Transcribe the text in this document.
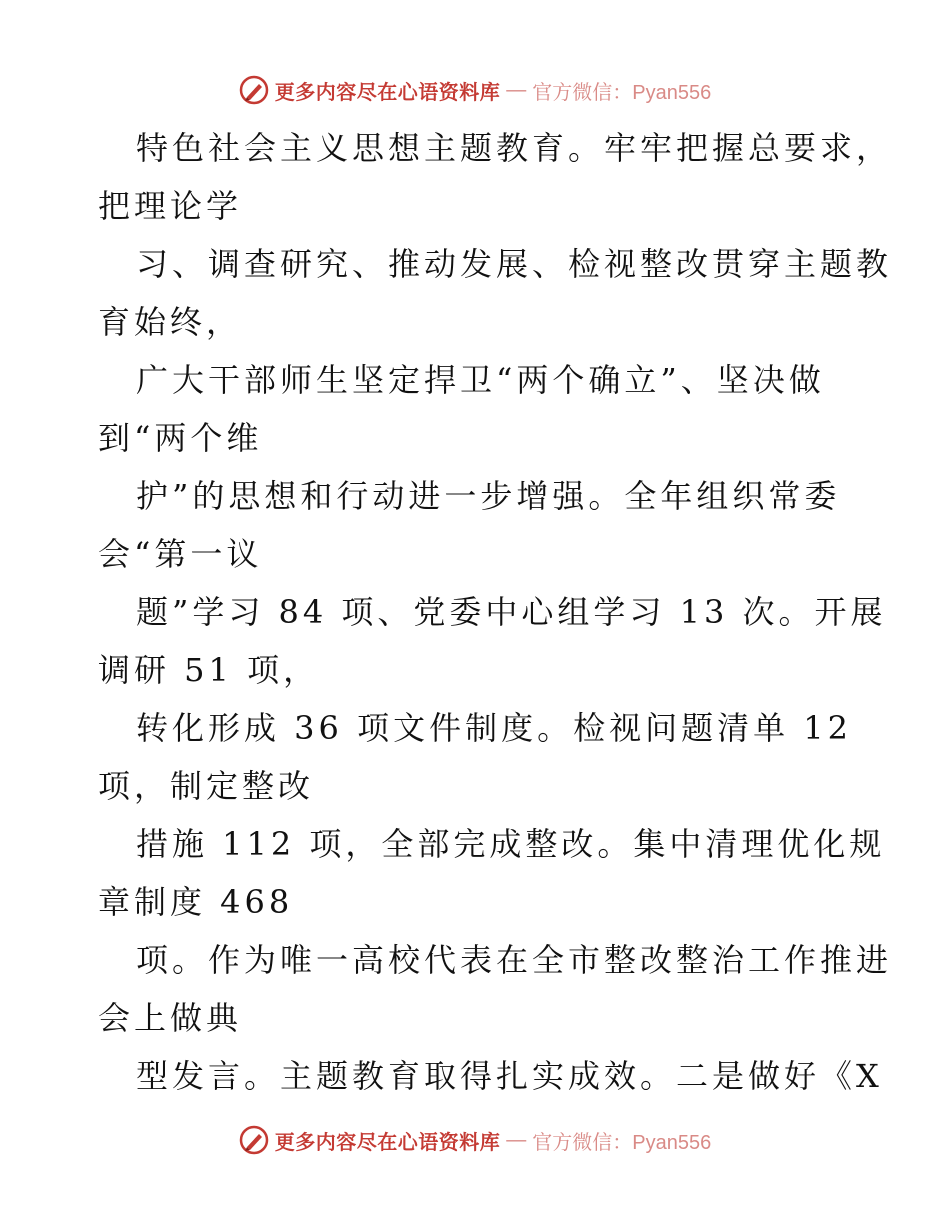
更多内容尽在心语资料库 — 官方微信：Pyan556
特色社会主义思想主题教育。牢牢把握总要求，
把理论学
习、调查研究、推动发展、检视整改贯穿主题教
育始终，
广大干部师生坚定捍卫“两个确立”、坚决做
到“两个维
护”的思想和行动进一步增强。全年组织常委
会“第一议
题”学习 84 项、党委中心组学习 13 次。开展
调研 51 项，
转化形成 36 项文件制度。检视问题清单 12
项，制定整改
措施 112 项，全部完成整改。集中清理优化规
章制度 468
项。作为唯一高校代表在全市整改整治工作推进
会上做典
型发言。主题教育取得扎实成效。二是做好《X
更多内容尽在心语资料库 — 官方微信：Pyan556
